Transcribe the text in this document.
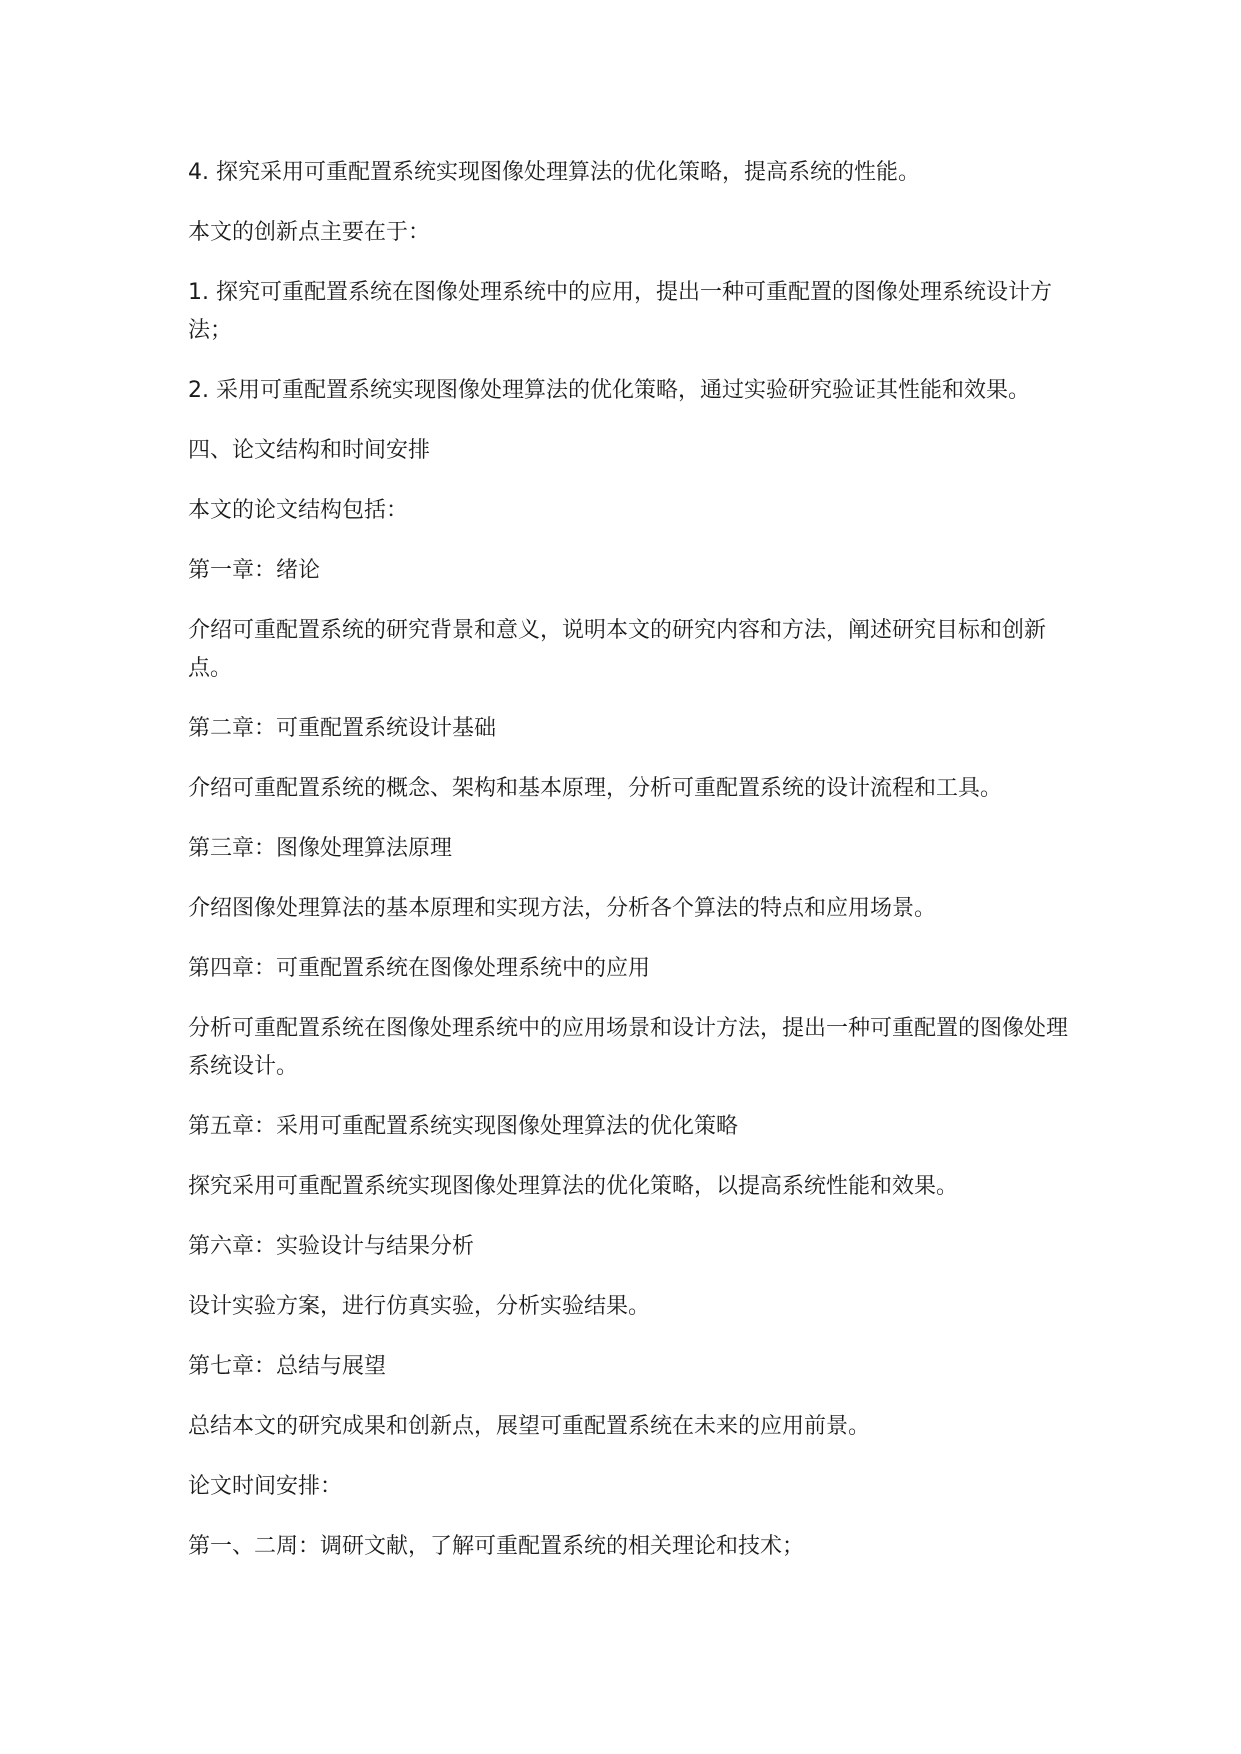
4. 探究采用可重配置系统实现图像处理算法的优化策略，提高系统的性能。

本文的创新点主要在于：

1. 探究可重配置系统在图像处理系统中的应用，提出一种可重配置的图像处理系统设计方法；

2. 采用可重配置系统实现图像处理算法的优化策略，通过实验研究验证其性能和效果。

四、论文结构和时间安排

本文的论文结构包括：

第一章：绪论

介绍可重配置系统的研究背景和意义，说明本文的研究内容和方法，阐述研究目标和创新点。

第二章：可重配置系统设计基础

介绍可重配置系统的概念、架构和基本原理，分析可重配置系统的设计流程和工具。

第三章：图像处理算法原理

介绍图像处理算法的基本原理和实现方法，分析各个算法的特点和应用场景。

第四章：可重配置系统在图像处理系统中的应用

分析可重配置系统在图像处理系统中的应用场景和设计方法，提出一种可重配置的图像处理系统设计。

第五章：采用可重配置系统实现图像处理算法的优化策略

探究采用可重配置系统实现图像处理算法的优化策略，以提高系统性能和效果。

第六章：实验设计与结果分析

设计实验方案，进行仿真实验，分析实验结果。

第七章：总结与展望

总结本文的研究成果和创新点，展望可重配置系统在未来的应用前景。

论文时间安排：

第一、二周：调研文献，了解可重配置系统的相关理论和技术；
